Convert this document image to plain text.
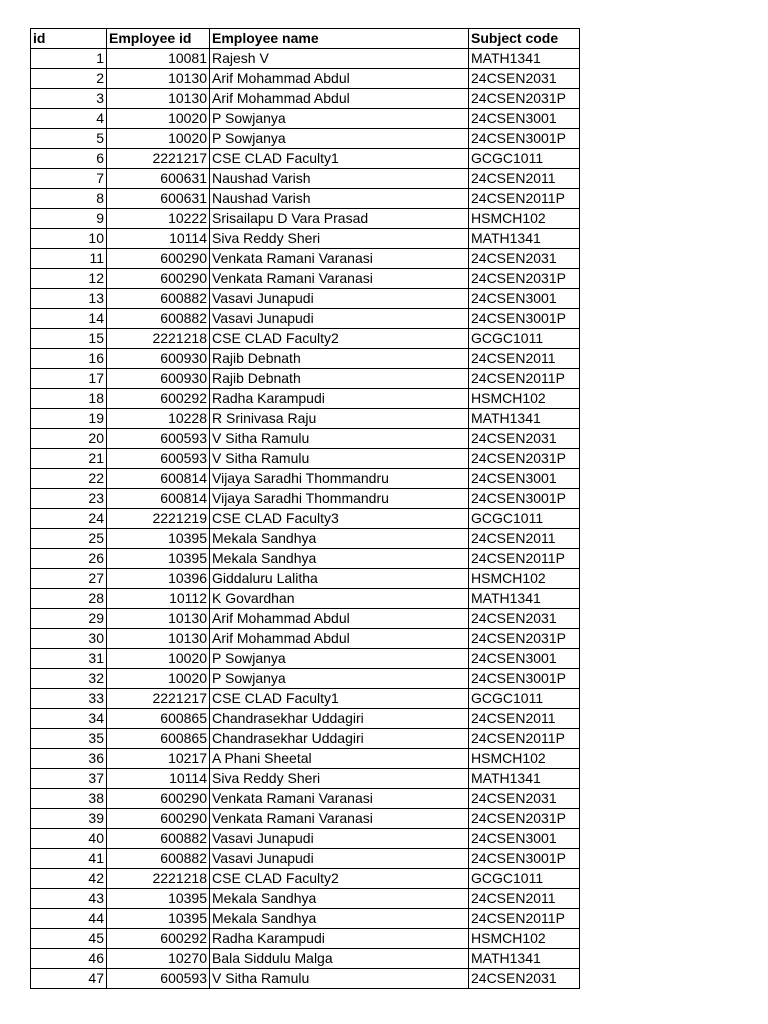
id	Employee id	Employee name	Subject code
1	10081	Rajesh V	MATH1341
2	10130	Arif Mohammad Abdul	24CSEN2031
3	10130	Arif Mohammad Abdul	24CSEN2031P
4	10020	P Sowjanya	24CSEN3001
5	10020	P Sowjanya	24CSEN3001P
6	2221217	CSE CLAD Faculty1	GCGC1011
7	600631	Naushad Varish	24CSEN2011
8	600631	Naushad Varish	24CSEN2011P
9	10222	Srisailapu D Vara Prasad	HSMCH102
10	10114	Siva Reddy Sheri	MATH1341
11	600290	Venkata Ramani Varanasi	24CSEN2031
12	600290	Venkata Ramani Varanasi	24CSEN2031P
13	600882	Vasavi Junapudi	24CSEN3001
14	600882	Vasavi Junapudi	24CSEN3001P
15	2221218	CSE CLAD Faculty2	GCGC1011
16	600930	Rajib Debnath	24CSEN2011
17	600930	Rajib Debnath	24CSEN2011P
18	600292	Radha Karampudi	HSMCH102
19	10228	R Srinivasa Raju	MATH1341
20	600593	V Sitha Ramulu	24CSEN2031
21	600593	V Sitha Ramulu	24CSEN2031P
22	600814	Vijaya Saradhi Thommandru	24CSEN3001
23	600814	Vijaya Saradhi Thommandru	24CSEN3001P
24	2221219	CSE CLAD Faculty3	GCGC1011
25	10395	Mekala Sandhya	24CSEN2011
26	10395	Mekala Sandhya	24CSEN2011P
27	10396	Giddaluru Lalitha	HSMCH102
28	10112	K Govardhan	MATH1341
29	10130	Arif Mohammad Abdul	24CSEN2031
30	10130	Arif Mohammad Abdul	24CSEN2031P
31	10020	P Sowjanya	24CSEN3001
32	10020	P Sowjanya	24CSEN3001P
33	2221217	CSE CLAD Faculty1	GCGC1011
34	600865	Chandrasekhar Uddagiri	24CSEN2011
35	600865	Chandrasekhar Uddagiri	24CSEN2011P
36	10217	A Phani Sheetal	HSMCH102
37	10114	Siva Reddy Sheri	MATH1341
38	600290	Venkata Ramani Varanasi	24CSEN2031
39	600290	Venkata Ramani Varanasi	24CSEN2031P
40	600882	Vasavi Junapudi	24CSEN3001
41	600882	Vasavi Junapudi	24CSEN3001P
42	2221218	CSE CLAD Faculty2	GCGC1011
43	10395	Mekala Sandhya	24CSEN2011
44	10395	Mekala Sandhya	24CSEN2011P
45	600292	Radha Karampudi	HSMCH102
46	10270	Bala Siddulu Malga	MATH1341
47	600593	V Sitha Ramulu	24CSEN2031
